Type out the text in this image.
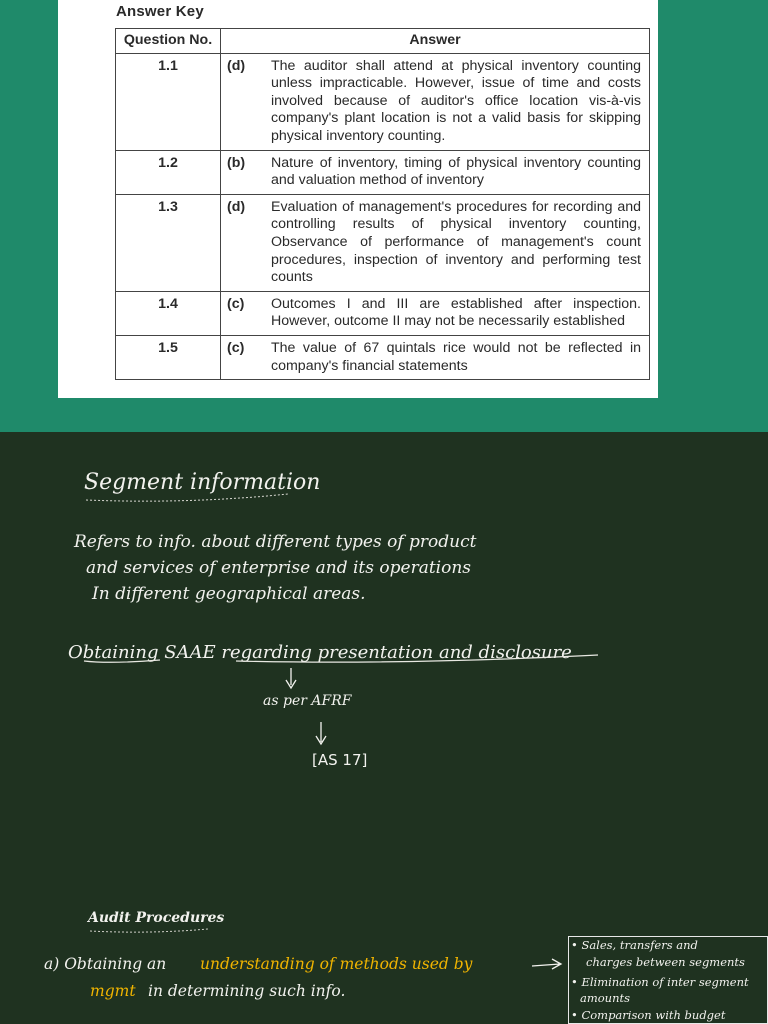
Answer Key
Question No.	Answer	
1.1	(d)	The auditor shall attend at physical inventory counting unless impracticable. However, issue of time and costs involved because of auditor's office location vis-à-vis company's plant location is not a valid basis for skipping physical inventory counting.
1.2	(b)	Nature of inventory, timing of physical inventory counting and valuation method of inventory
1.3	(d)	Evaluation of management's procedures for recording and controlling results of physical inventory counting, Observance of performance of management's count procedures, inspection of inventory and performing test counts
1.4	(c)	Outcomes I and III are established after inspection. However, outcome II may not be necessarily established
1.5	(c)	The value of 67 quintals rice would not be reflected in company's financial statements
Segment information
Refers to info. about different types of product
and services of enterprise and its operations
In different geographical areas.
Obtaining SAAE regarding presentation and disclosure
as per AFRF
[AS 17]
Audit Procedures
a) Obtaining an understanding of methods used by
mgmt in determining such info.
• Sales, transfers and
charges between segments
• Elimination of inter segment
amounts
• Comparison with budget
